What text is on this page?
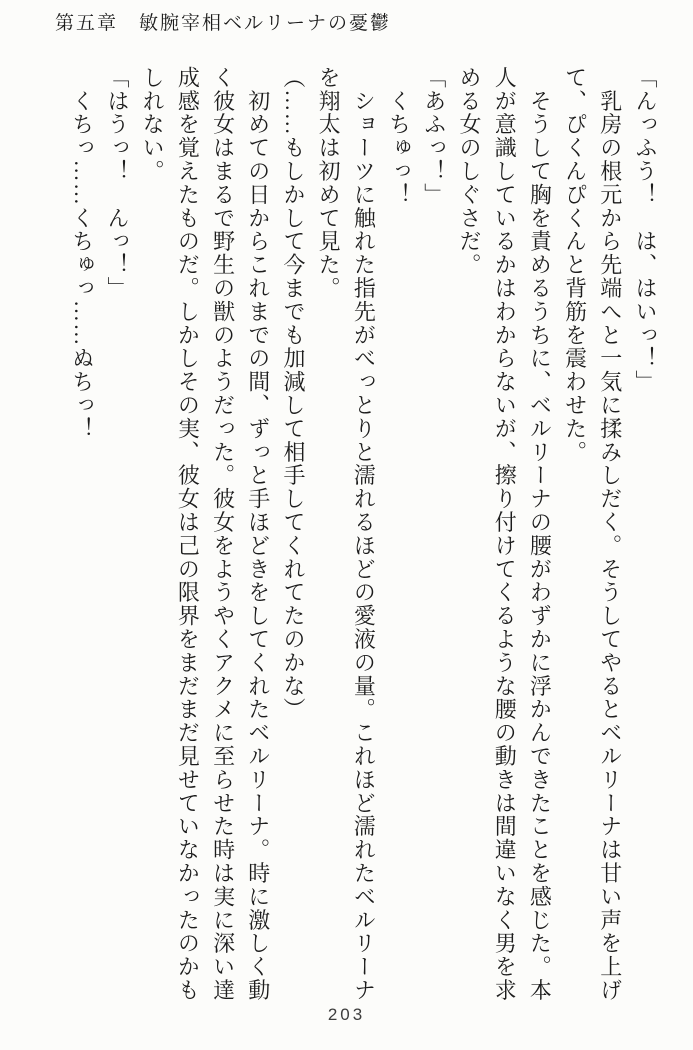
第五章　敏腕宰相ベルリーナの憂鬱

「んっふう！　は、はいっ！」

　乳房の根元から先端へと一気に揉みしだく。そうしてやるとベルリーナは甘い声を上げて、ぴくんぴくんと背筋を震わせた。

　そうして胸を責めるうちに、ベルリーナの腰がわずかに浮かんできたことを感じた。本人が意識しているかはわからないが、擦り付けてくるような腰の動きは間違いなく男を求める女のしぐさだ。

「あふっ！」

　くちゅっ！

　ショーツに触れた指先がべっとりと濡れるほどの愛液の量。これほど濡れたベルリーナを翔太は初めて見た。

（……もしかして今までも加減して相手してくれてたのかな）

　初めての日からこれまでの間、ずっと手ほどきをしてくれたベルリーナ。時に激しく動く彼女はまるで野生の獣のようだった。彼女をようやくアクメに至らせた時は実に深い達成感を覚えたものだ。しかしその実、彼女は己の限界をまだまだ見せていなかったのかもしれない。

「はうっ！　んっ！」

　くちっ……くちゅっ……ぬちっ！

203
